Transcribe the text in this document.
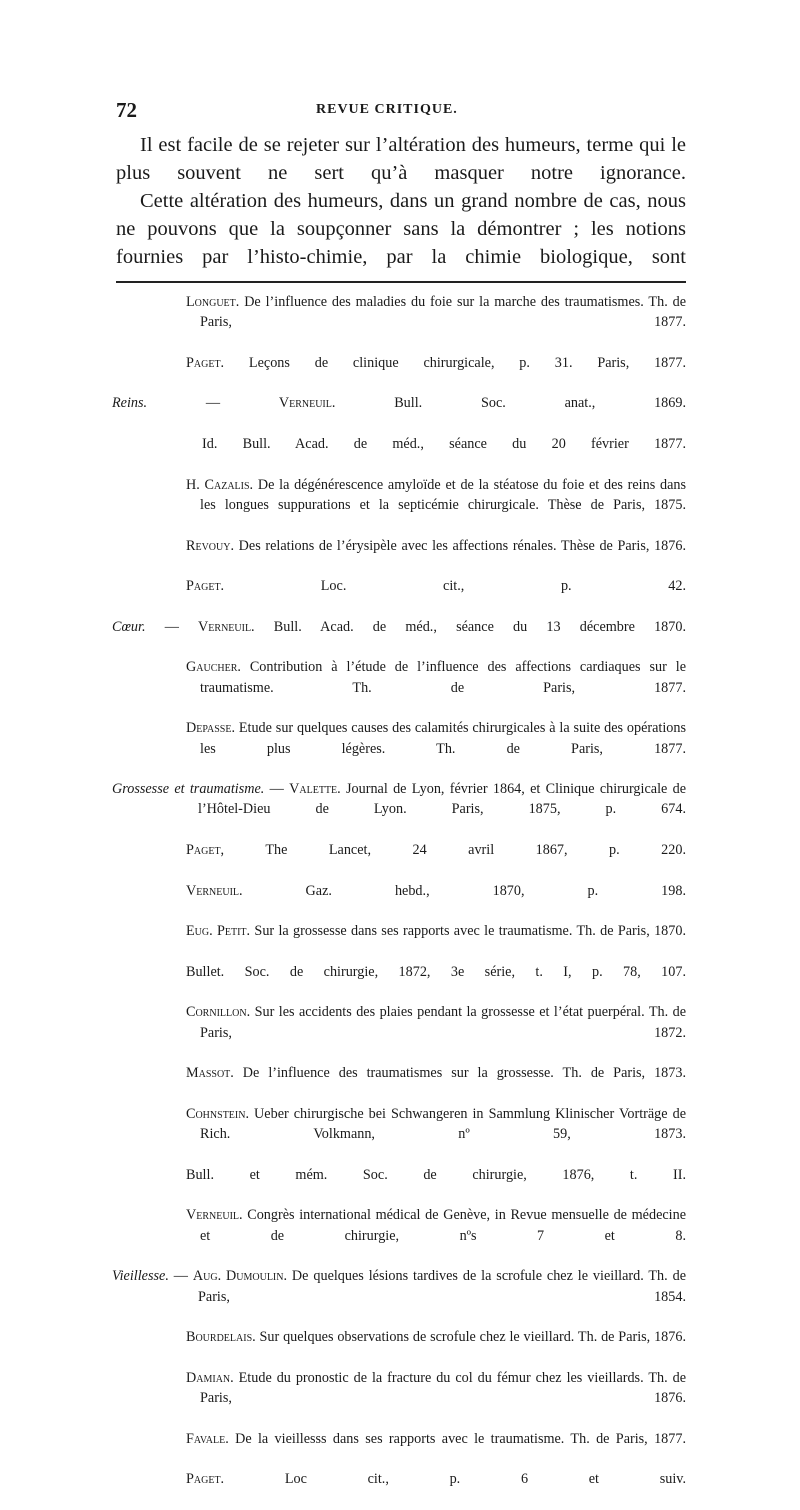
72	REVUE CRITIQUE.

Il est facile de se rejeter sur l’altération des humeurs, terme qui le plus souvent ne sert qu’à masquer notre ignorance.

Cette altération des humeurs, dans un grand nombre de cas, nous ne pouvons que la soupçonner sans la démontrer ; les notions fournies par l’histo-chimie, par la chimie biologique, sont

Longuet. De l’influence des maladies du foie sur la marche des traumatismes. Th. de Paris, 1877.
Paget. Leçons de clinique chirurgicale, p. 31. Paris, 1877.
Reins. — Verneuil. Bull. Soc. anat., 1869.
Id. Bull. Acad. de méd., séance du 20 février 1877.
H. Cazalis. De la dégénérescence amyloïde et de la stéatose du foie et des reins dans les longues suppurations et la septicémie chirurgicale. Thèse de Paris, 1875.
Revouy. Des relations de l’érysipèle avec les affections rénales. Thèse de Paris, 1876.
Paget. Loc. cit., p. 42.
Cœur. — Verneuil. Bull. Acad. de méd., séance du 13 décembre 1870.
Gaucher. Contribution à l’étude de l’influence des affections cardiaques sur le traumatisme. Th. de Paris, 1877.
Depasse. Etude sur quelques causes des calamités chirurgicales à la suite des opérations les plus légères. Th. de Paris, 1877.
Grossesse et traumatisme. — Valette. Journal de Lyon, février 1864, et Clinique chirurgicale de l’Hôtel-Dieu de Lyon. Paris, 1875, p. 674.
Paget, The Lancet, 24 avril 1867, p. 220.
Verneuil. Gaz. hebd., 1870, p. 198.
Eug. Petit. Sur la grossesse dans ses rapports avec le traumatisme. Th. de Paris, 1870.
Bullet. Soc. de chirurgie, 1872, 3e série, t. I, p. 78, 107.
Cornillon. Sur les accidents des plaies pendant la grossesse et l’état puerpéral. Th. de Paris, 1872.
Massot. De l’influence des traumatismes sur la grossesse. Th. de Paris, 1873.
Cohnstein. Ueber chirurgische bei Schwangeren in Sammlung Klinischer Vorträge de Rich. Volkmann, nº 59, 1873.
Bull. et mém. Soc. de chirurgie, 1876, t. II.
Verneuil. Congrès international médical de Genève, in Revue mensuelle de médecine et de chirurgie, nºs 7 et 8.
Vieillesse. — Aug. Dumoulin. De quelques lésions tardives de la scrofule chez le vieillard. Th. de Paris, 1854.
Bourdelais. Sur quelques observations de scrofule chez le vieillard. Th. de Paris, 1876.
Damian. Etude du pronostic de la fracture du col du fémur chez les vieillards. Th. de Paris, 1876.
Favale. De la vieillesss dans ses rapports avec le traumatisme. Th. de Paris, 1877.
Paget. Loc cit., p. 6 et suiv.
